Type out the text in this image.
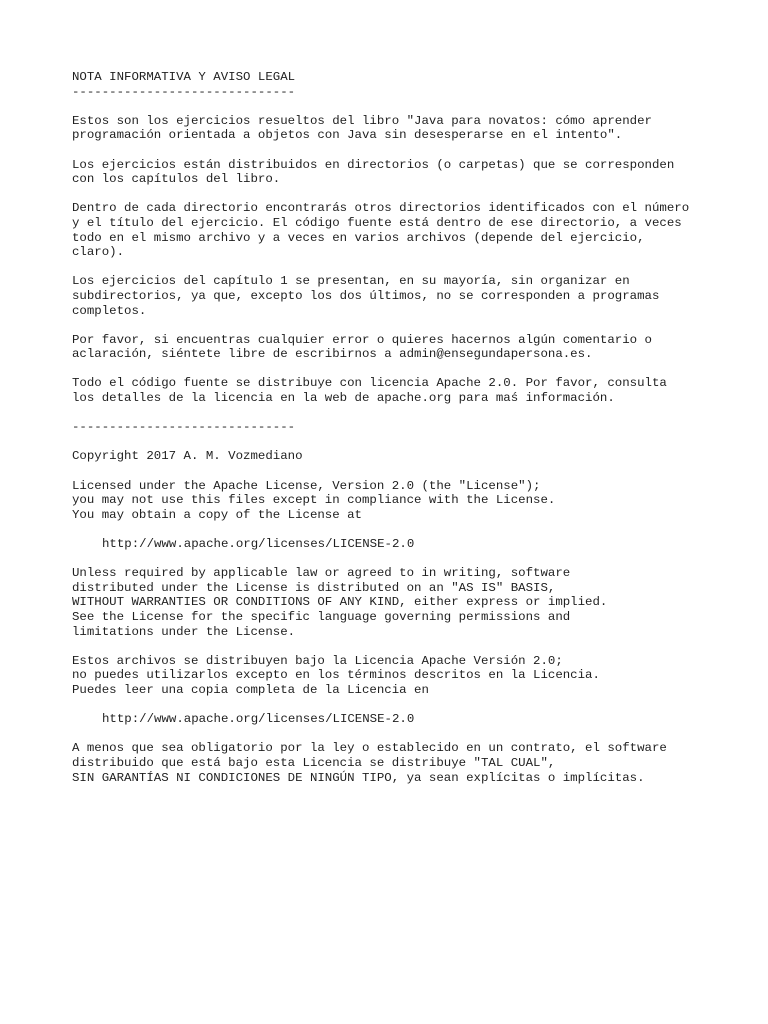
NOTA INFORMATIVA Y AVISO LEGAL
------------------------------
Estos son los ejercicios resueltos del libro "Java para novatos: cómo aprender
programación orientada a objetos con Java sin desesperarse en el intento".
Los ejercicios están distribuidos en directorios (o carpetas) que se corresponden
con los capítulos del libro.
Dentro de cada directorio encontrarás otros directorios identificados con el número
y el título del ejercicio. El código fuente está dentro de ese directorio, a veces
todo en el mismo archivo y a veces en varios archivos (depende del ejercicio,
claro).
Los ejercicios del capítulo 1 se presentan, en su mayoría, sin organizar en
subdirectorios, ya que, excepto los dos últimos, no se corresponden a programas
completos.
Por favor, si encuentras cualquier error o quieres hacernos algún comentario o
aclaración, siéntete libre de escribirnos a admin@ensegundapersona.es.
Todo el código fuente se distribuye con licencia Apache 2.0. Por favor, consulta
los detalles de la licencia en la web de apache.org para maś información.
------------------------------
Copyright 2017 A. M. Vozmediano
Licensed under the Apache License, Version 2.0 (the "License");
you may not use this files except in compliance with the License.
You may obtain a copy of the License at
http://www.apache.org/licenses/LICENSE-2.0
Unless required by applicable law or agreed to in writing, software
distributed under the License is distributed on an "AS IS" BASIS,
WITHOUT WARRANTIES OR CONDITIONS OF ANY KIND, either express or implied.
See the License for the specific language governing permissions and
limitations under the License.
Estos archivos se distribuyen bajo la Licencia Apache Versión 2.0;
no puedes utilizarlos excepto en los términos descritos en la Licencia.
Puedes leer una copia completa de la Licencia en
http://www.apache.org/licenses/LICENSE-2.0
A menos que sea obligatorio por la ley o establecido en un contrato, el software
distribuido que está bajo esta Licencia se distribuye "TAL CUAL",
SIN GARANTÍAS NI CONDICIONES DE NINGÚN TIPO, ya sean explícitas o implícitas.
